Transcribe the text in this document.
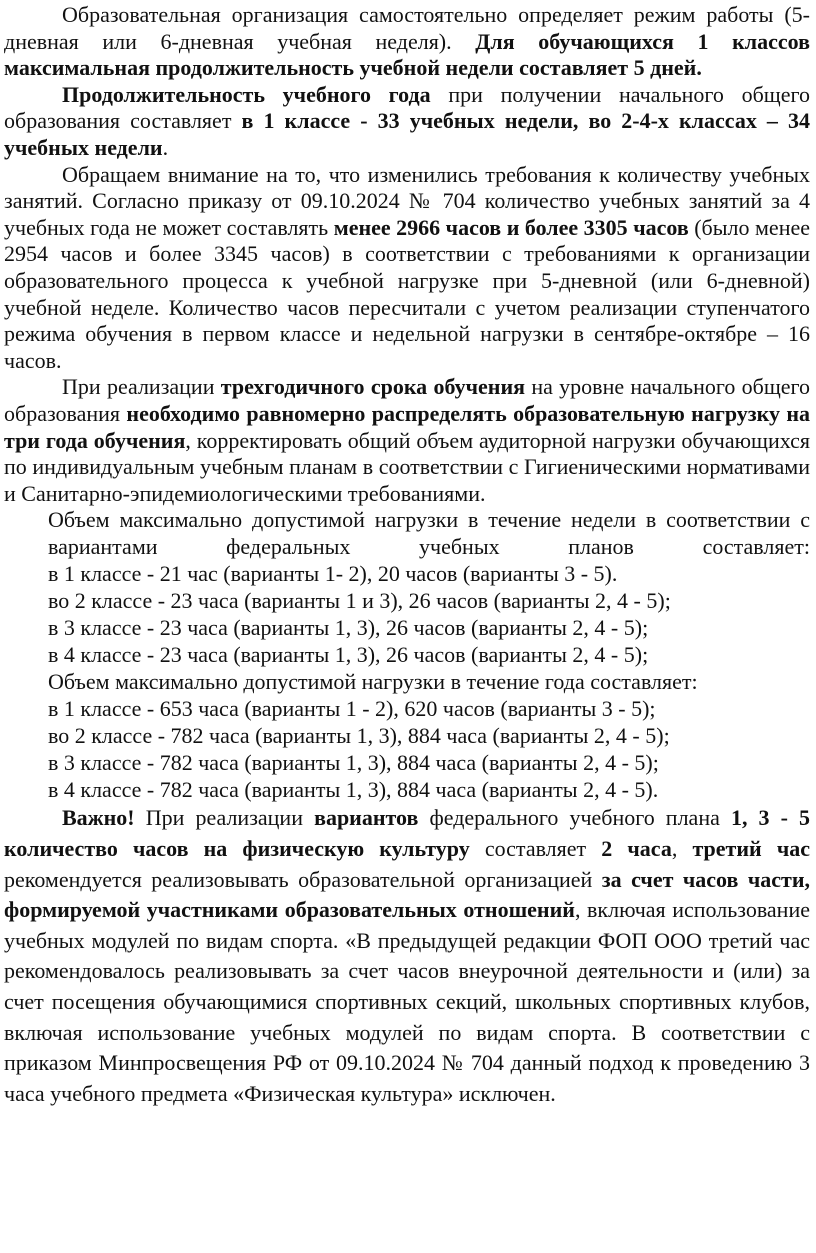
Образовательная организация самостоятельно определяет режим работы (5-дневная или 6-дневная учебная неделя). Для обучающихся 1 классов максимальная продолжительность учебной недели составляет 5 дней.

Продолжительность учебного года при получении начального общего образования составляет в 1 классе - 33 учебных недели, во 2-4-х классах – 34 учебных недели.

Обращаем внимание на то, что изменились требования к количеству учебных занятий. Согласно приказу от 09.10.2024 № 704 количество учебных занятий за 4 учебных года не может составлять менее 2966 часов и более 3305 часов (было менее 2954 часов и более 3345 часов) в соответствии с требованиями к организации образовательного процесса к учебной нагрузке при 5-дневной (или 6-дневной) учебной неделе. Количество часов пересчитали с учетом реализации ступенчатого режима обучения в первом классе и недельной нагрузки в сентябре-октябре – 16 часов.

При реализации трехгодичного срока обучения на уровне начального общего образования необходимо равномерно распределять образовательную нагрузку на три года обучения, корректировать общий объем аудиторной нагрузки обучающихся по индивидуальным учебным планам в соответствии с Гигиеническими нормативами и Санитарно-эпидемиологическими требованиями.

Объем максимально допустимой нагрузки в течение недели в соответствии с вариантами федеральных учебных планов составляет:

в 1 классе - 21 час (варианты 1- 2), 20 часов (варианты 3 - 5).

во 2 классе - 23 часа (варианты 1 и 3), 26 часов (варианты 2, 4 - 5);

в 3 классе - 23 часа (варианты 1, 3), 26 часов (варианты 2, 4 - 5);

в 4 классе - 23 часа (варианты 1, 3), 26 часов (варианты 2, 4 - 5);

Объем максимально допустимой нагрузки в течение года составляет:

в 1 классе - 653 часа (варианты 1 - 2), 620 часов (варианты 3 - 5);

во 2 классе - 782 часа (варианты 1, 3), 884 часа (варианты 2, 4 - 5);

в 3 классе - 782 часа (варианты 1, 3), 884 часа (варианты 2, 4 - 5);

в 4 классе - 782 часа (варианты 1, 3), 884 часа (варианты 2, 4 - 5).

Важно! При реализации вариантов федерального учебного плана 1, 3 - 5 количество часов на физическую культуру составляет 2 часа, третий час рекомендуется реализовывать образовательной организацией за счет часов части, формируемой участниками образовательных отношений, включая использование учебных модулей по видам спорта. «В предыдущей редакции ФОП ООО третий час рекомендовалось реализовывать за счет часов внеурочной деятельности и (или) за счет посещения обучающимися спортивных секций, школьных спортивных клубов, включая использование учебных модулей по видам спорта. В соответствии с приказом Минпросвещения РФ от 09.10.2024 № 704 данный подход к проведению 3 часа учебного предмета «Физическая культура» исключен.
